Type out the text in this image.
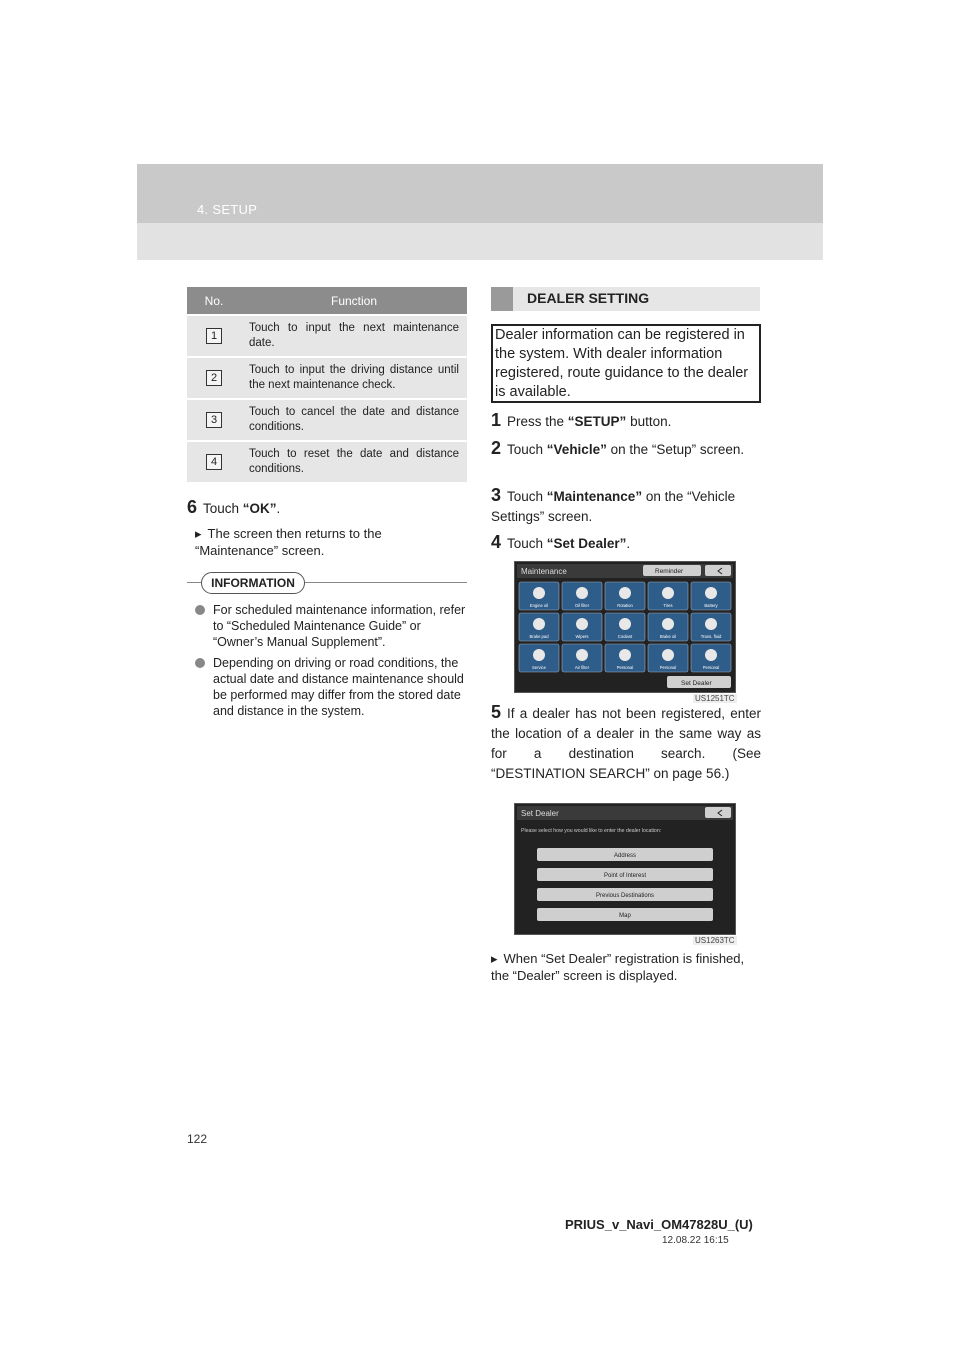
4. SETUP
No.	Function
1	Touch to input the next maintenance date.
2	Touch to input the driving distance until the next maintenance check.
3	Touch to cancel the date and distance conditions.
4	Touch to reset the date and distance conditions.
6 Touch “OK”.
▸ The screen then returns to the “Maintenance” screen.
INFORMATION
For scheduled maintenance information, refer to “Scheduled Maintenance Guide” or “Owner’s Manual Supplement”.
Depending on driving or road conditions, the actual date and distance maintenance should be performed may differ from the stored date and distance in the system.
DEALER SETTING
Dealer information can be registered in the system. With dealer information registered, route guidance to the dealer is available.
1 Press the “SETUP” button.
2 Touch “Vehicle” on the “Setup” screen.
3 Touch “Maintenance” on the “Vehicle Settings” screen.
4 Touch “Set Dealer”.
Maintenance	Reminder
Engine oil	Oil filter	Rotation	Tires	Battery
Brake pad	Wipers	Coolant	Brake oil	Trans. fluid
Service	Air filter	Personal	Personal	Personal
Set Dealer
US1251TC
5 If a dealer has not been registered, enter the location of a dealer in the same way as for a destination search. (See “DESTINATION SEARCH” on page 56.)
Set Dealer
Please select how you would like to enter the dealer location:
Address
Point of Interest
Previous Destinations
Map
US1263TC
▸ When “Set Dealer” registration is finished, the “Dealer” screen is displayed.
122
PRIUS_v_Navi_OM47828U_(U)
12.08.22 16:15
